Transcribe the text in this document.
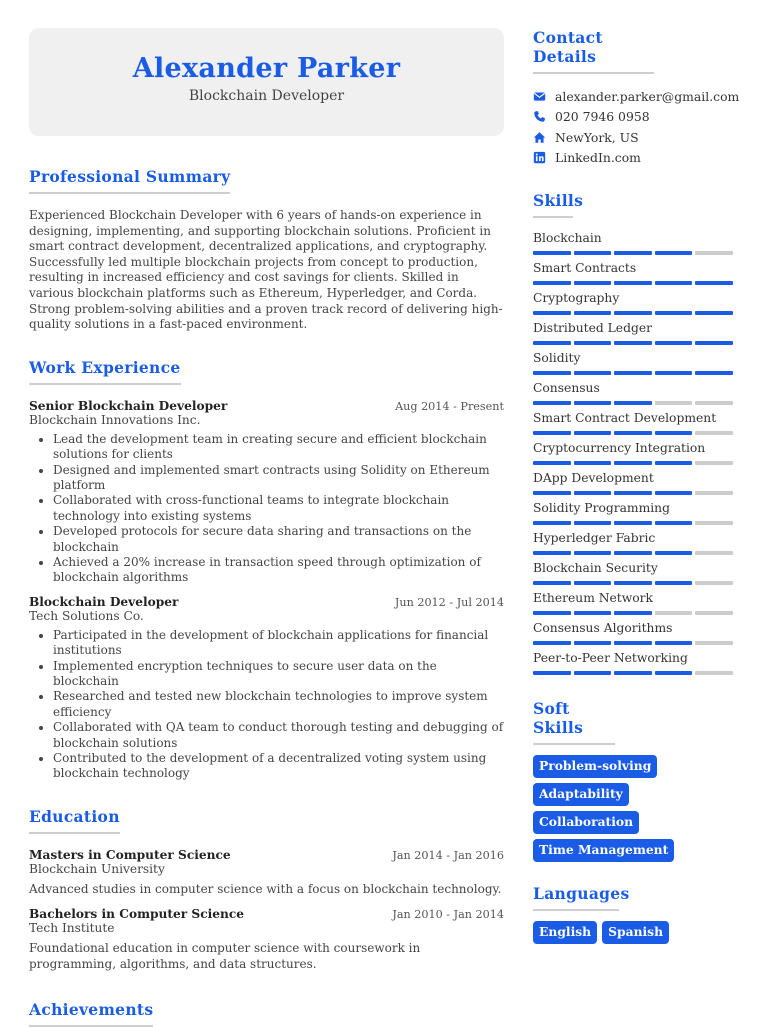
Alexander Parker
Blockchain Developer
Professional Summary

Experienced Blockchain Developer with 6 years of hands-on experience in designing, implementing, and supporting blockchain solutions. Proficient in smart contract development, decentralized applications, and cryptography. Successfully led multiple blockchain projects from concept to production, resulting in increased efficiency and cost savings for clients. Skilled in various blockchain platforms such as Ethereum, Hyperledger, and Corda. Strong problem-solving abilities and a proven track record of delivering high-quality solutions in a fast-paced environment.

Work Experience
Senior Blockchain Developer	Aug 2014 - Present
Blockchain Innovations Inc.
• Lead the development team in creating secure and efficient blockchain solutions for clients
• Designed and implemented smart contracts using Solidity on Ethereum platform
• Collaborated with cross-functional teams to integrate blockchain technology into existing systems
• Developed protocols for secure data sharing and transactions on the blockchain
• Achieved a 20% increase in transaction speed through optimization of blockchain algorithms
Blockchain Developer	Jun 2012 - Jul 2014
Tech Solutions Co.
• Participated in the development of blockchain applications for financial institutions
• Implemented encryption techniques to secure user data on the blockchain
• Researched and tested new blockchain technologies to improve system efficiency
• Collaborated with QA team to conduct thorough testing and debugging of blockchain solutions
• Contributed to the development of a decentralized voting system using blockchain technology
Education
Masters in Computer Science	Jan 2014 - Jan 2016
Blockchain University

Advanced studies in computer science with a focus on blockchain technology.

Bachelors in Computer Science	Jan 2010 - Jan 2014
Tech Institute

Foundational education in computer science with coursework in programming, algorithms, and data structures.

Achievements
Contact Details
alexander.parker@gmail.com
020 7946 0958
NewYork, US
LinkedIn.com
Skills
Blockchain
Smart Contracts
Cryptography
Distributed Ledger
Solidity
Consensus
Smart Contract Development
Cryptocurrency Integration
DApp Development
Solidity Programming
Hyperledger Fabric
Blockchain Security
Ethereum Network
Consensus Algorithms
Peer-to-Peer Networking
Soft Skills
Problem-solving
Adaptability
Collaboration
Time Management
Languages
English	Spanish
